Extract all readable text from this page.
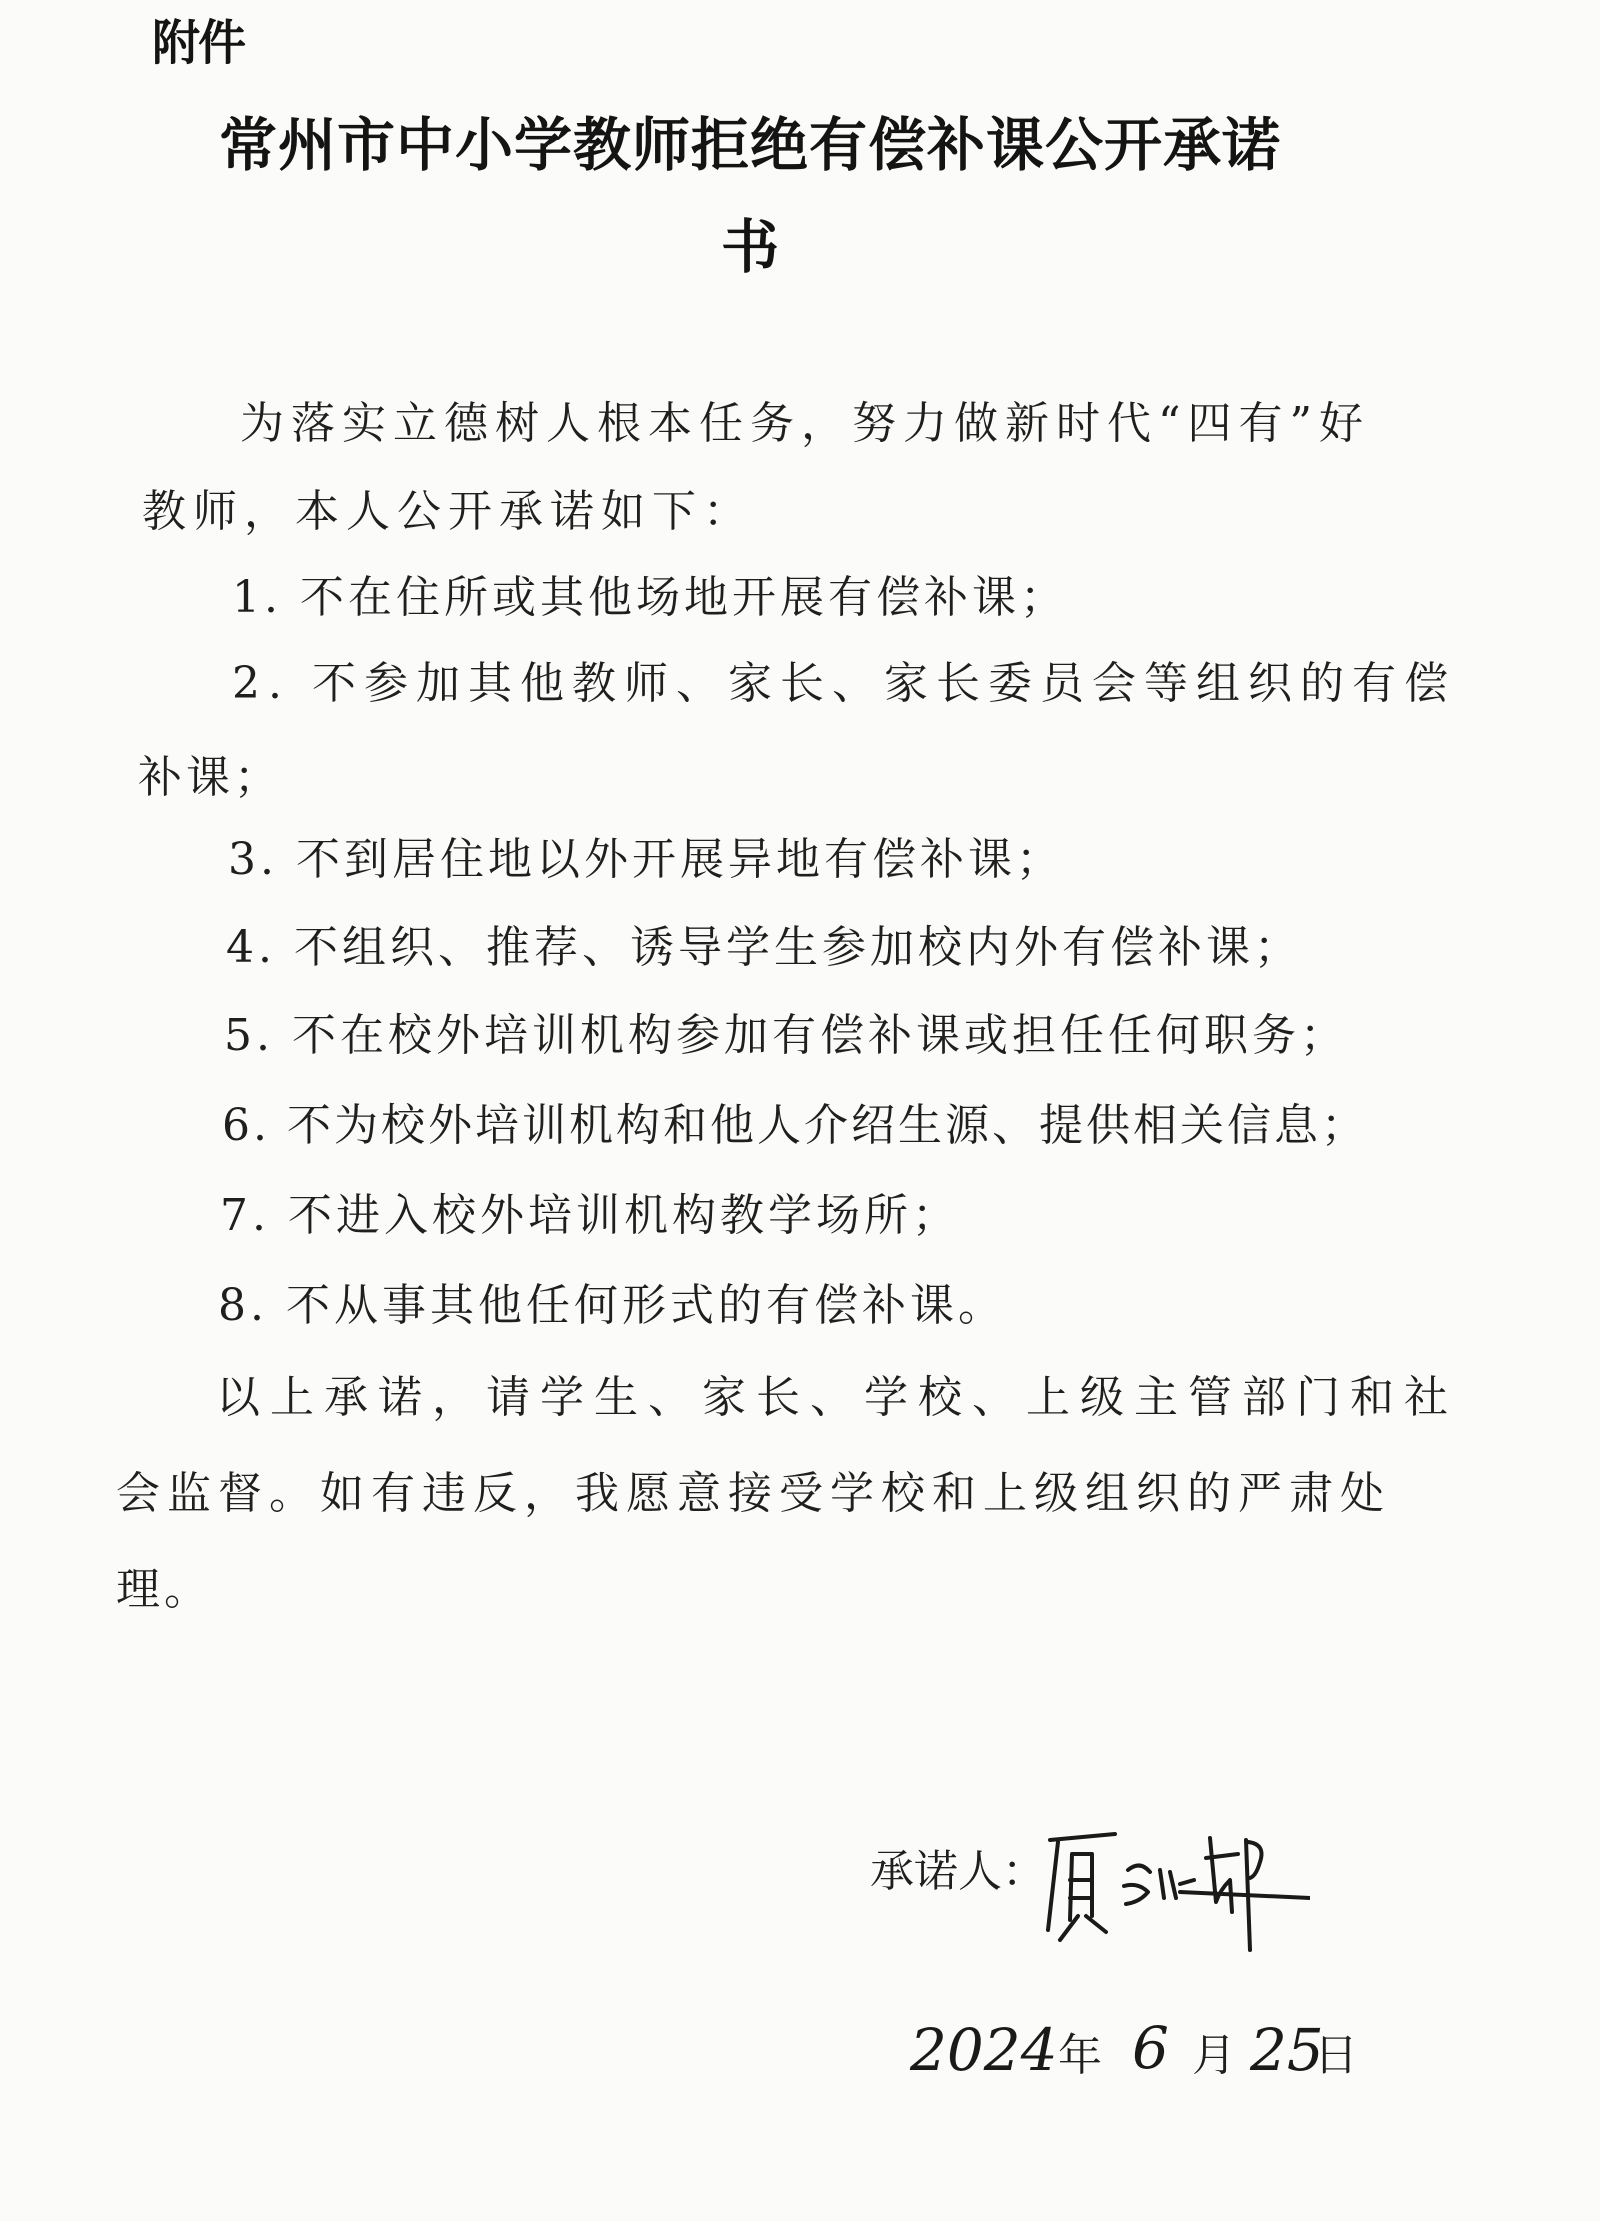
附件
常州市中小学教师拒绝有偿补课公开承诺
书
为落实立德树人根本任务，努力做新时代“四有”好
教师，本人公开承诺如下：
1. 不在住所或其他场地开展有偿补课；
2. 不参加其他教师、家长、家长委员会等组织的有偿
补课；
3. 不到居住地以外开展异地有偿补课；
4. 不组织、推荐、诱导学生参加校内外有偿补课；
5. 不在校外培训机构参加有偿补课或担任任何职务；
6. 不为校外培训机构和他人介绍生源、提供相关信息；
7. 不进入校外培训机构教学场所；
8. 不从事其他任何形式的有偿补课。
以上承诺，请学生、家长、学校、上级主管部门和社
会监督。如有违反，我愿意接受学校和上级组织的严肃处
理。
承诺人：
2024 年 6 月 25
日
